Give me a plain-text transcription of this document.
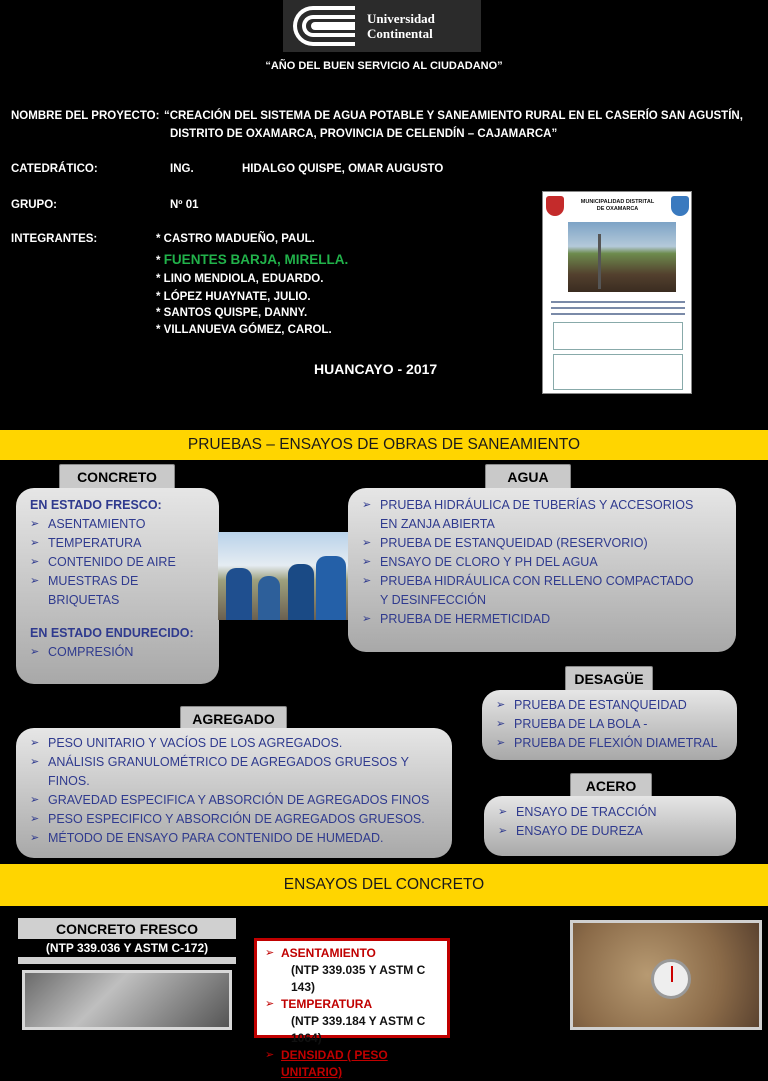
Universidad
Continental
“AÑO DEL BUEN SERVICIO AL CIUDADANO”
NOMBRE DEL PROYECTO: “CREACIÓN DEL SISTEMA DE AGUA POTABLE Y SANEAMIENTO RURAL EN EL CASERÍO SAN AGUSTÍN,
DISTRITO DE OXAMARCA, PROVINCIA DE CELENDÍN – CAJAMARCA”
CATEDRÁTICO:	ING.	HIDALGO QUISPE, OMAR AUGUSTO
GRUPO:	Nº 01
INTEGRANTES:	* CASTRO MADUEÑO, PAUL.
* FUENTES BARJA, MIRELLA.
* LINO MENDIOLA, EDUARDO.
* LÓPEZ HUAYNATE, JULIO.
* SANTOS QUISPE, DANNY.
* VILLANUEVA GÓMEZ, CAROL.
HUANCAYO - 2017
MUNICIPALIDAD DISTRITAL
DE OXAMARCA
PRUEBAS – ENSAYOS DE OBRAS DE SANEAMIENTO
CONCRETO
EN ESTADO FRESCO:
➢ ASENTAMIENTO
➢ TEMPERATURA
➢ CONTENIDO DE AIRE
➢ MUESTRAS DE
BRIQUETAS
EN ESTADO ENDURECIDO:
➢ COMPRESIÓN
AGUA
➢ PRUEBA HIDRÁULICA DE TUBERÍAS Y ACCESORIOS
EN ZANJA ABIERTA
➢ PRUEBA DE ESTANQUEIDAD (RESERVORIO)
➢ ENSAYO DE CLORO Y PH DEL AGUA
➢ PRUEBA HIDRÁULICA CON RELLENO COMPACTADO
Y DESINFECCIÓN
➢ PRUEBA DE HERMETICIDAD
DESAGÜE
➢ PRUEBA DE ESTANQUEIDAD
➢ PRUEBA DE LA BOLA -
➢ PRUEBA DE FLEXIÓN DIAMETRAL
AGREGADO
➢ PESO UNITARIO Y VACÍOS DE LOS AGREGADOS.
➢ ANÁLISIS GRANULOMÉTRICO DE AGREGADOS GRUESOS Y
FINOS.
➢ GRAVEDAD ESPECIFICA Y ABSORCIÓN DE AGREGADOS FINOS
➢ PESO ESPECIFICO Y ABSORCIÓN DE AGREGADOS GRUESOS.
➢ MÉTODO DE ENSAYO PARA CONTENIDO DE HUMEDAD.
ACERO
➢ ENSAYO DE TRACCIÓN
➢ ENSAYO DE DUREZA
ENSAYOS DEL CONCRETO
CONCRETO FRESCO
(NTP 339.036 Y ASTM C-172)
➢	ASENTAMIENTO
(NTP 339.035 Y ASTM C 143)
➢ TEMPERATURA
(NTP 339.184 Y ASTM C 1064)
➢ DENSIDAD ( PESO UNITARIO)
